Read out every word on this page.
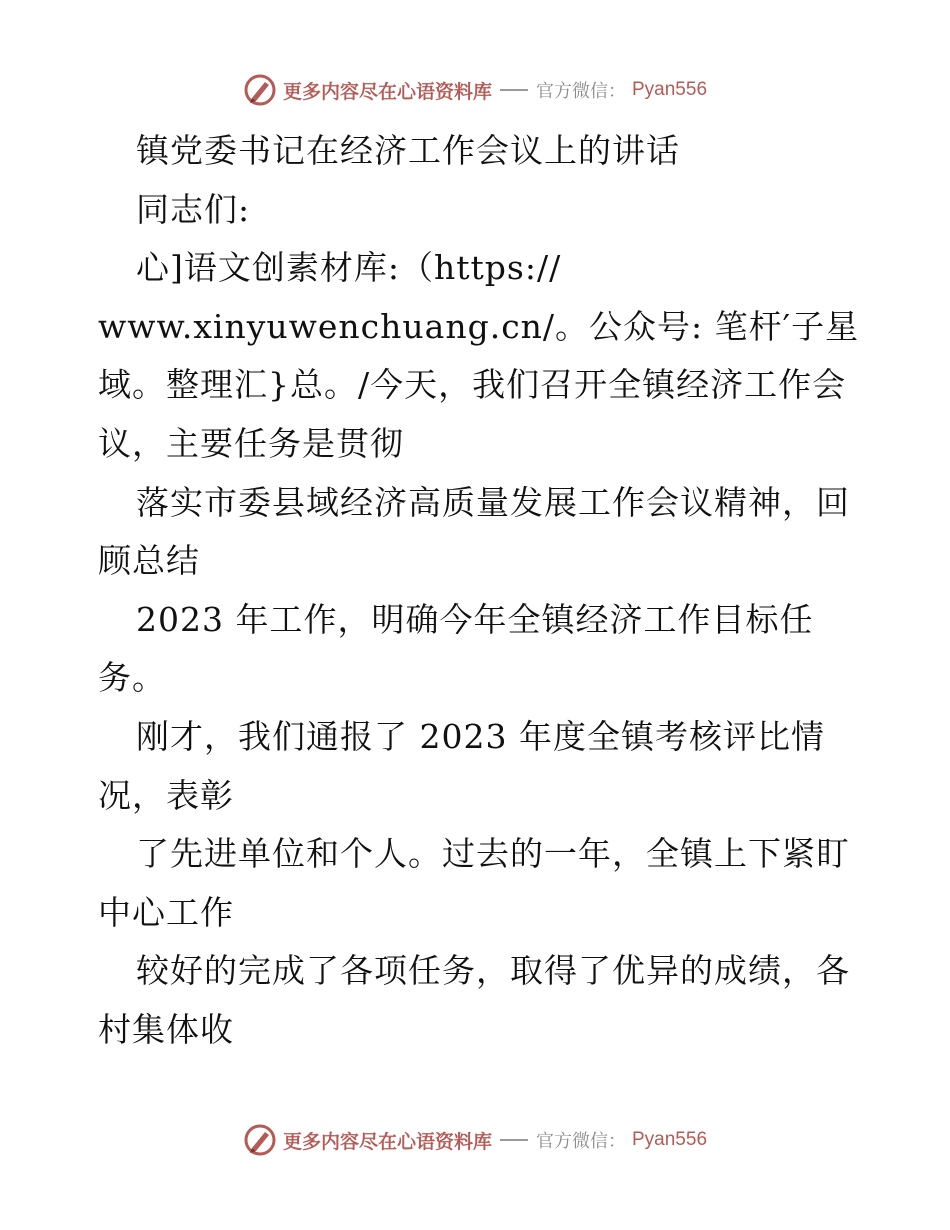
更多内容尽在心语资料库 官方微信： Pyan556
镇党委书记在经济工作会议上的讲话
同志们:
心]语文创素材库:（https://
www.xinyuwenchuang.cn/。公众号: 笔杆′子星
域。整理汇}总。/今天，我们召开全镇经济工作会
议，主要任务是贯彻
落实市委县域经济高质量发展工作会议精神，回
顾总结
2023 年工作，明确今年全镇经济工作目标任
务。
刚才，我们通报了 2023 年度全镇考核评比情
况，表彰
了先进单位和个人。过去的一年，全镇上下紧盯
中心工作
较好的完成了各项任务，取得了优异的成绩，各
村集体收
更多内容尽在心语资料库 官方微信： Pyan556
